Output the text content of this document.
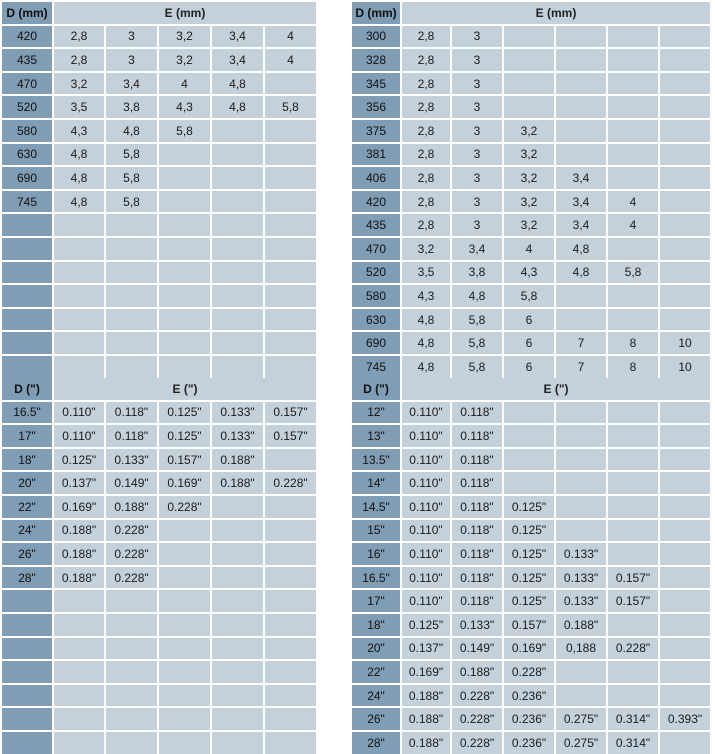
D (mm)	E (mm)
420	2,8	3	3,2	3,4	4
435	2,8	3	3,2	3,4	4
470	3,2	3,4	4	4,8
520	3,5	3,8	4,3	4,8	5,8
580	4,3	4,8	5,8
630	4,8	5,8
690	4,8	5,8
745	4,8	5,8
D (mm)	E (mm)
300	2,8	3
328	2,8	3
345	2,8	3
356	2,8	3
375	2,8	3	3,2
381	2,8	3	3,2
406	2,8	3	3,2	3,4
420	2,8	3	3,2	3,4	4
435	2,8	3	3,2	3,4	4
470	3,2	3,4	4	4,8
520	3,5	3,8	4,3	4,8	5,8
580	4,3	4,8	5,8
630	4,8	5,8	6
690	4,8	5,8	6	7	8	10
745	4,8	5,8	6	7	8	10
D (")	E (")
16.5"	0.110"	0.118"	0.125"	0.133"	0.157"
17"	0.110"	0.118"	0.125"	0.133"	0.157"
18"	0.125"	0.133"	0.157"	0.188"
20"	0.137"	0.149"	0.169"	0.188"	0.228"
22"	0.169"	0.188"	0.228"
24"	0.188"	0.228"
26"	0.188"	0.228"
28"	0.188"	0.228"
D (")	E (")
12"	0.110"	0.118"
13"	0.110"	0.118"
13.5"	0.110"	0.118"
14"	0.110"	0.118"
14.5"	0.110"	0.118"	0.125"
15"	0.110"	0.118"	0.125"
16"	0.110"	0.118"	0.125"	0.133"
16.5"	0.110"	0.118"	0.125"	0.133"	0.157"
17"	0.110"	0.118"	0.125"	0.133"	0.157"
18"	0.125"	0.133"	0.157"	0.188"
20"	0.137"	0.149"	0.169"	0,188	0.228"
22"	0.169"	0.188"	0.228"
24"	0.188"	0.228"	0.236"
26"	0.188"	0.228"	0.236"	0.275"	0.314"	0.393"
28"	0.188"	0.228"	0.236"	0.275"	0.314"
